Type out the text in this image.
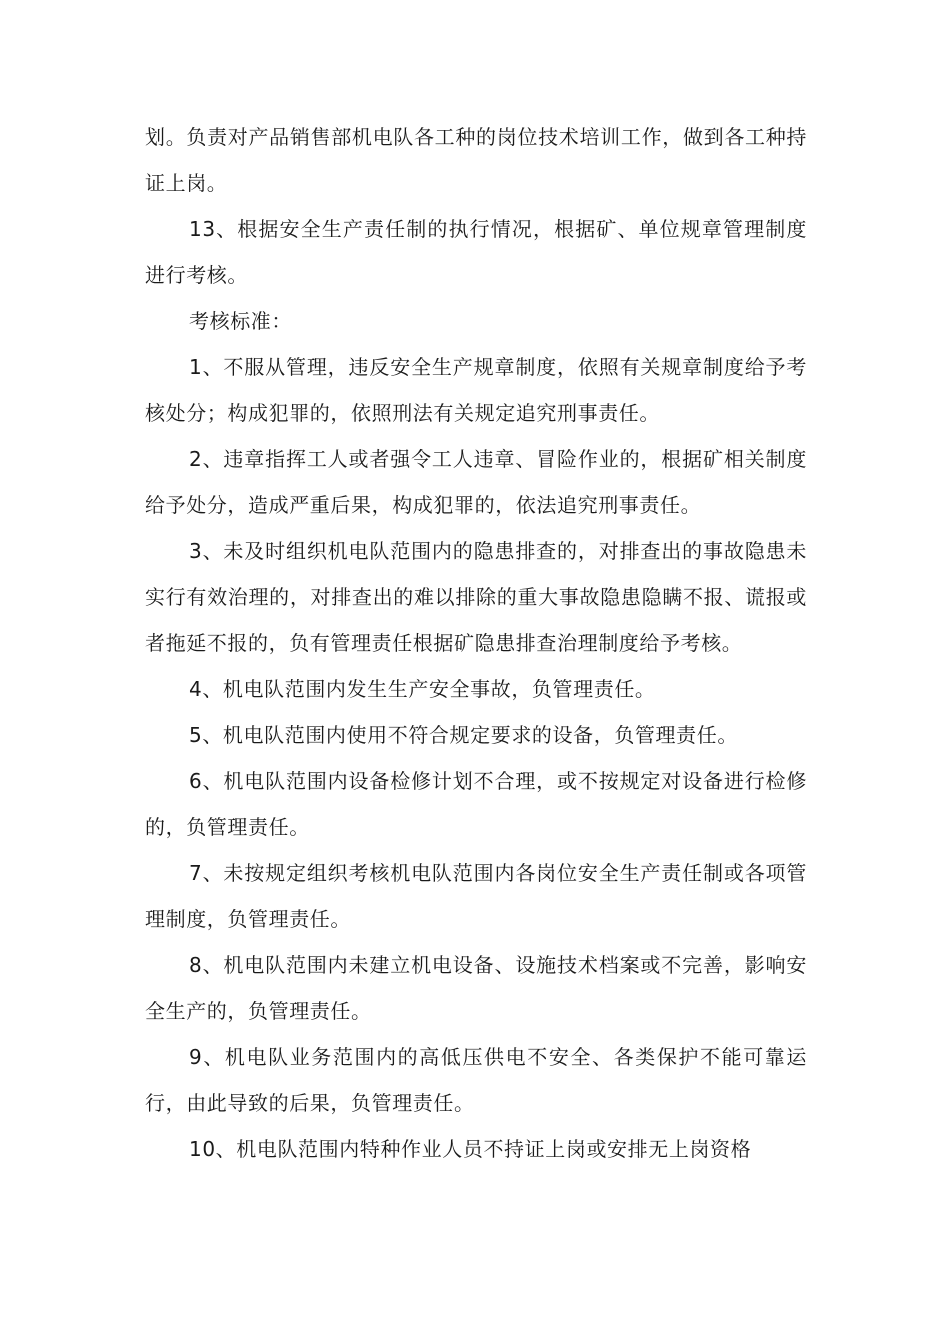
划。负责对产品销售部机电队各工种的岗位技术培训工作，做到各工种持证上岗。

13、根据安全生产责任制的执行情况，根据矿、单位规章管理制度进行考核。

考核标准：

1、不服从管理，违反安全生产规章制度，依照有关规章制度给予考核处分；构成犯罪的，依照刑法有关规定追究刑事责任。

2、违章指挥工人或者强令工人违章、冒险作业的，根据矿相关制度给予处分，造成严重后果，构成犯罪的，依法追究刑事责任。

3、未及时组织机电队范围内的隐患排查的，对排查出的事故隐患未实行有效治理的，对排查出的难以排除的重大事故隐患隐瞒不报、谎报或者拖延不报的，负有管理责任根据矿隐患排查治理制度给予考核。

4、机电队范围内发生生产安全事故，负管理责任。

5、机电队范围内使用不符合规定要求的设备，负管理责任。

6、机电队范围内设备检修计划不合理，或不按规定对设备进行检修的，负管理责任。

7、未按规定组织考核机电队范围内各岗位安全生产责任制或各项管理制度，负管理责任。

8、机电队范围内未建立机电设备、设施技术档案或不完善，影响安全生产的，负管理责任。

9、机电队业务范围内的高低压供电不安全、各类保护不能可靠运行，由此导致的后果，负管理责任。

10、机电队范围内特种作业人员不持证上岗或安排无上岗资格
